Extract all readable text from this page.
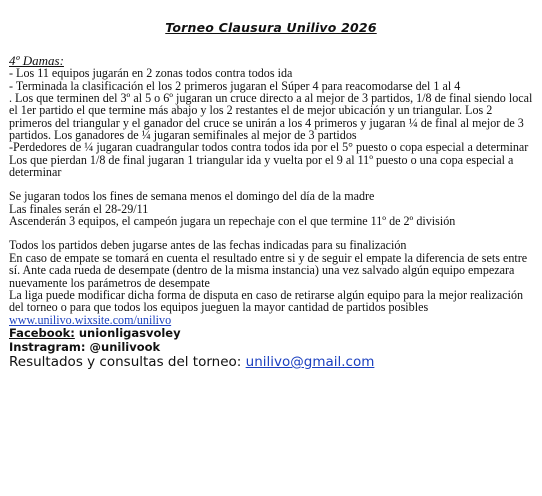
Torneo Clausura Unilivo 2026

4º Damas:

- Los 11 equipos jugarán en 2 zonas todos contra todos ida

- Terminada la clasificación el los 2 primeros jugaran el Súper 4 para reacomodarse del 1 al 4

. Los que terminen del 3º al 5 o 6º jugaran un cruce directo a al mejor de 3 partidos, 1/8 de final siendo local el 1er partido el que termine más abajo y los 2 restantes el de mejor ubicación y un triangular. Los 2 primeros del triangular y el ganador del cruce se unirán a los 4 primeros y jugaran ¼ de final al mejor de 3 partidos. Los ganadores de ¼ jugaran semifinales al mejor de 3 partidos

-Perdedores de ¼ jugaran cuadrangular todos contra todos ida por el 5° puesto o copa especial a determinar

Los que pierdan 1/8 de final jugaran 1 triangular ida y vuelta por el 9 al 11º puesto o una copa especial a determinar

Se jugaran todos los fines de semana menos el domingo del día de la madre

Las finales serán el 28-29/11

Ascenderán 3 equipos, el campeón jugara un repechaje con el que termine 11º de 2º división

Todos los partidos deben jugarse antes de las fechas indicadas para su finalización

En caso de empate se tomará en cuenta el resultado entre si y de seguir el empate la diferencia de sets entre sí. Ante cada rueda de desempate (dentro de la misma instancia) una vez salvado algún equipo empezara nuevamente los parámetros de desempate

La liga puede modificar dicha forma de disputa en caso de retirarse algún equipo para la mejor realización del torneo o para que todos los equipos jueguen la mayor cantidad de partidos posibles

www.unilivo.wixsite.com/unilivo

Facebook: unionligasvoley

Instragram: @unilivook

Resultados y consultas del torneo: unilivo@gmail.com
